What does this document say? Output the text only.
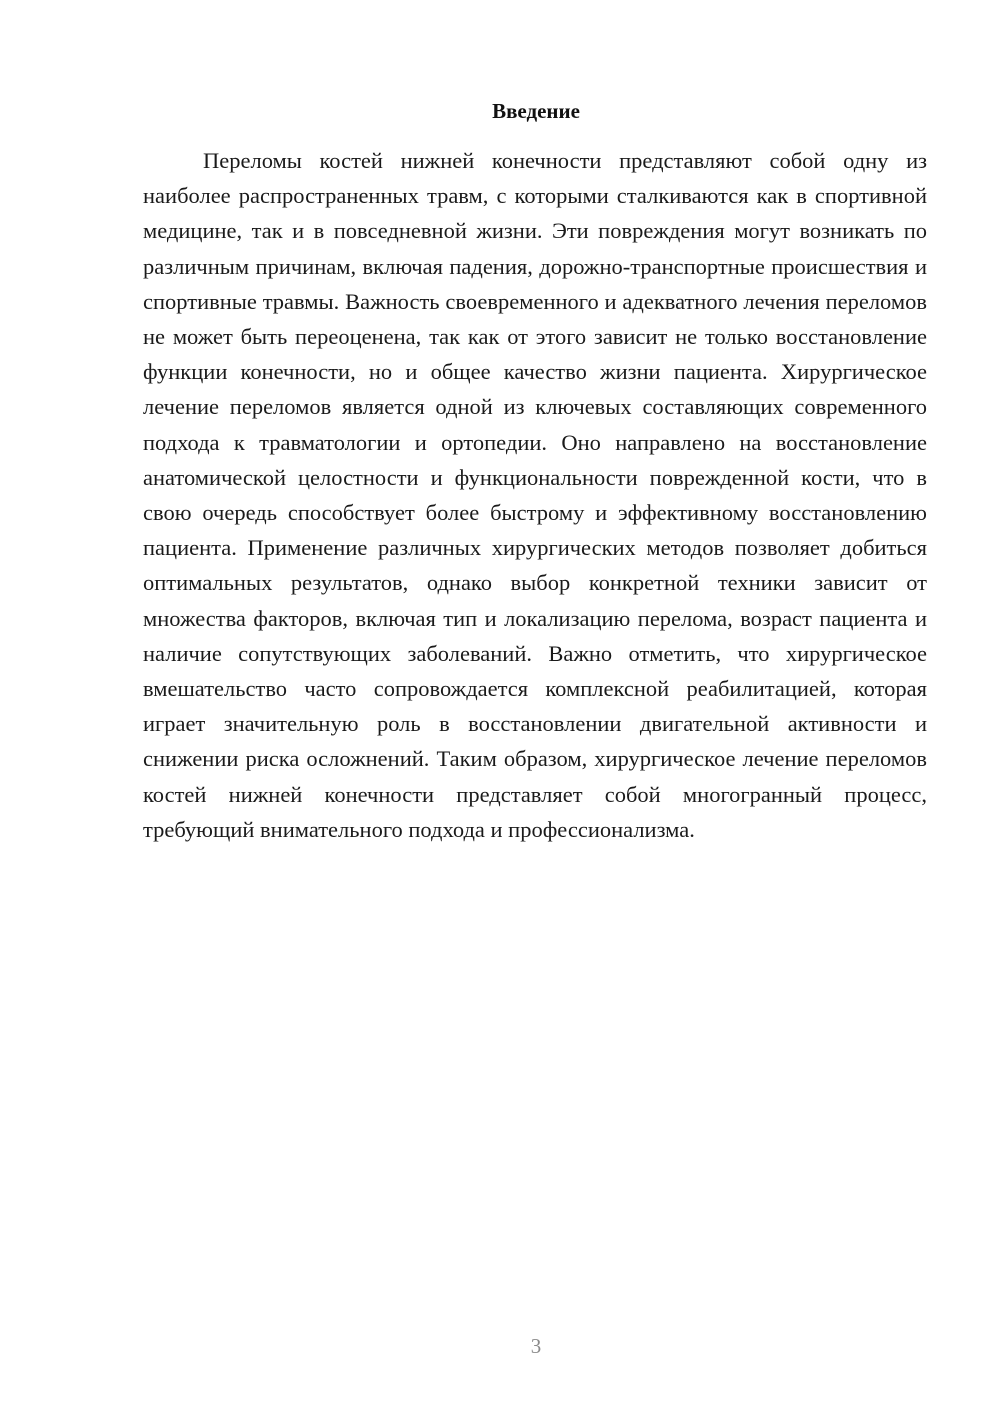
Введение

Переломы костей нижней конечности представляют собой одну из наиболее распространенных травм, с которыми сталкиваются как в спортивной медицине, так и в повседневной жизни. Эти повреждения могут возникать по различным причинам, включая падения, дорожно-транспортные происшествия и спортивные травмы. Важность своевременного и адекватного лечения переломов не может быть переоценена, так как от этого зависит не только восстановление функции конечности, но и общее качество жизни пациента. Хирургическое лечение переломов является одной из ключевых составляющих современного подхода к травматологии и ортопедии. Оно направлено на восстановление анатомической целостности и функциональности поврежденной кости, что в свою очередь способствует более быстрому и эффективному восстановлению пациента. Применение различных хирургических методов позволяет добиться оптимальных результатов, однако выбор конкретной техники зависит от множества факторов, включая тип и локализацию перелома, возраст пациента и наличие сопутствующих заболеваний. Важно отметить, что хирургическое вмешательство часто сопровождается комплексной реабилитацией, которая играет значительную роль в восстановлении двигательной активности и снижении риска осложнений. Таким образом, хирургическое лечение переломов костей нижней конечности представляет собой многогранный процесс, требующий внимательного подхода и профессионализма.

3
